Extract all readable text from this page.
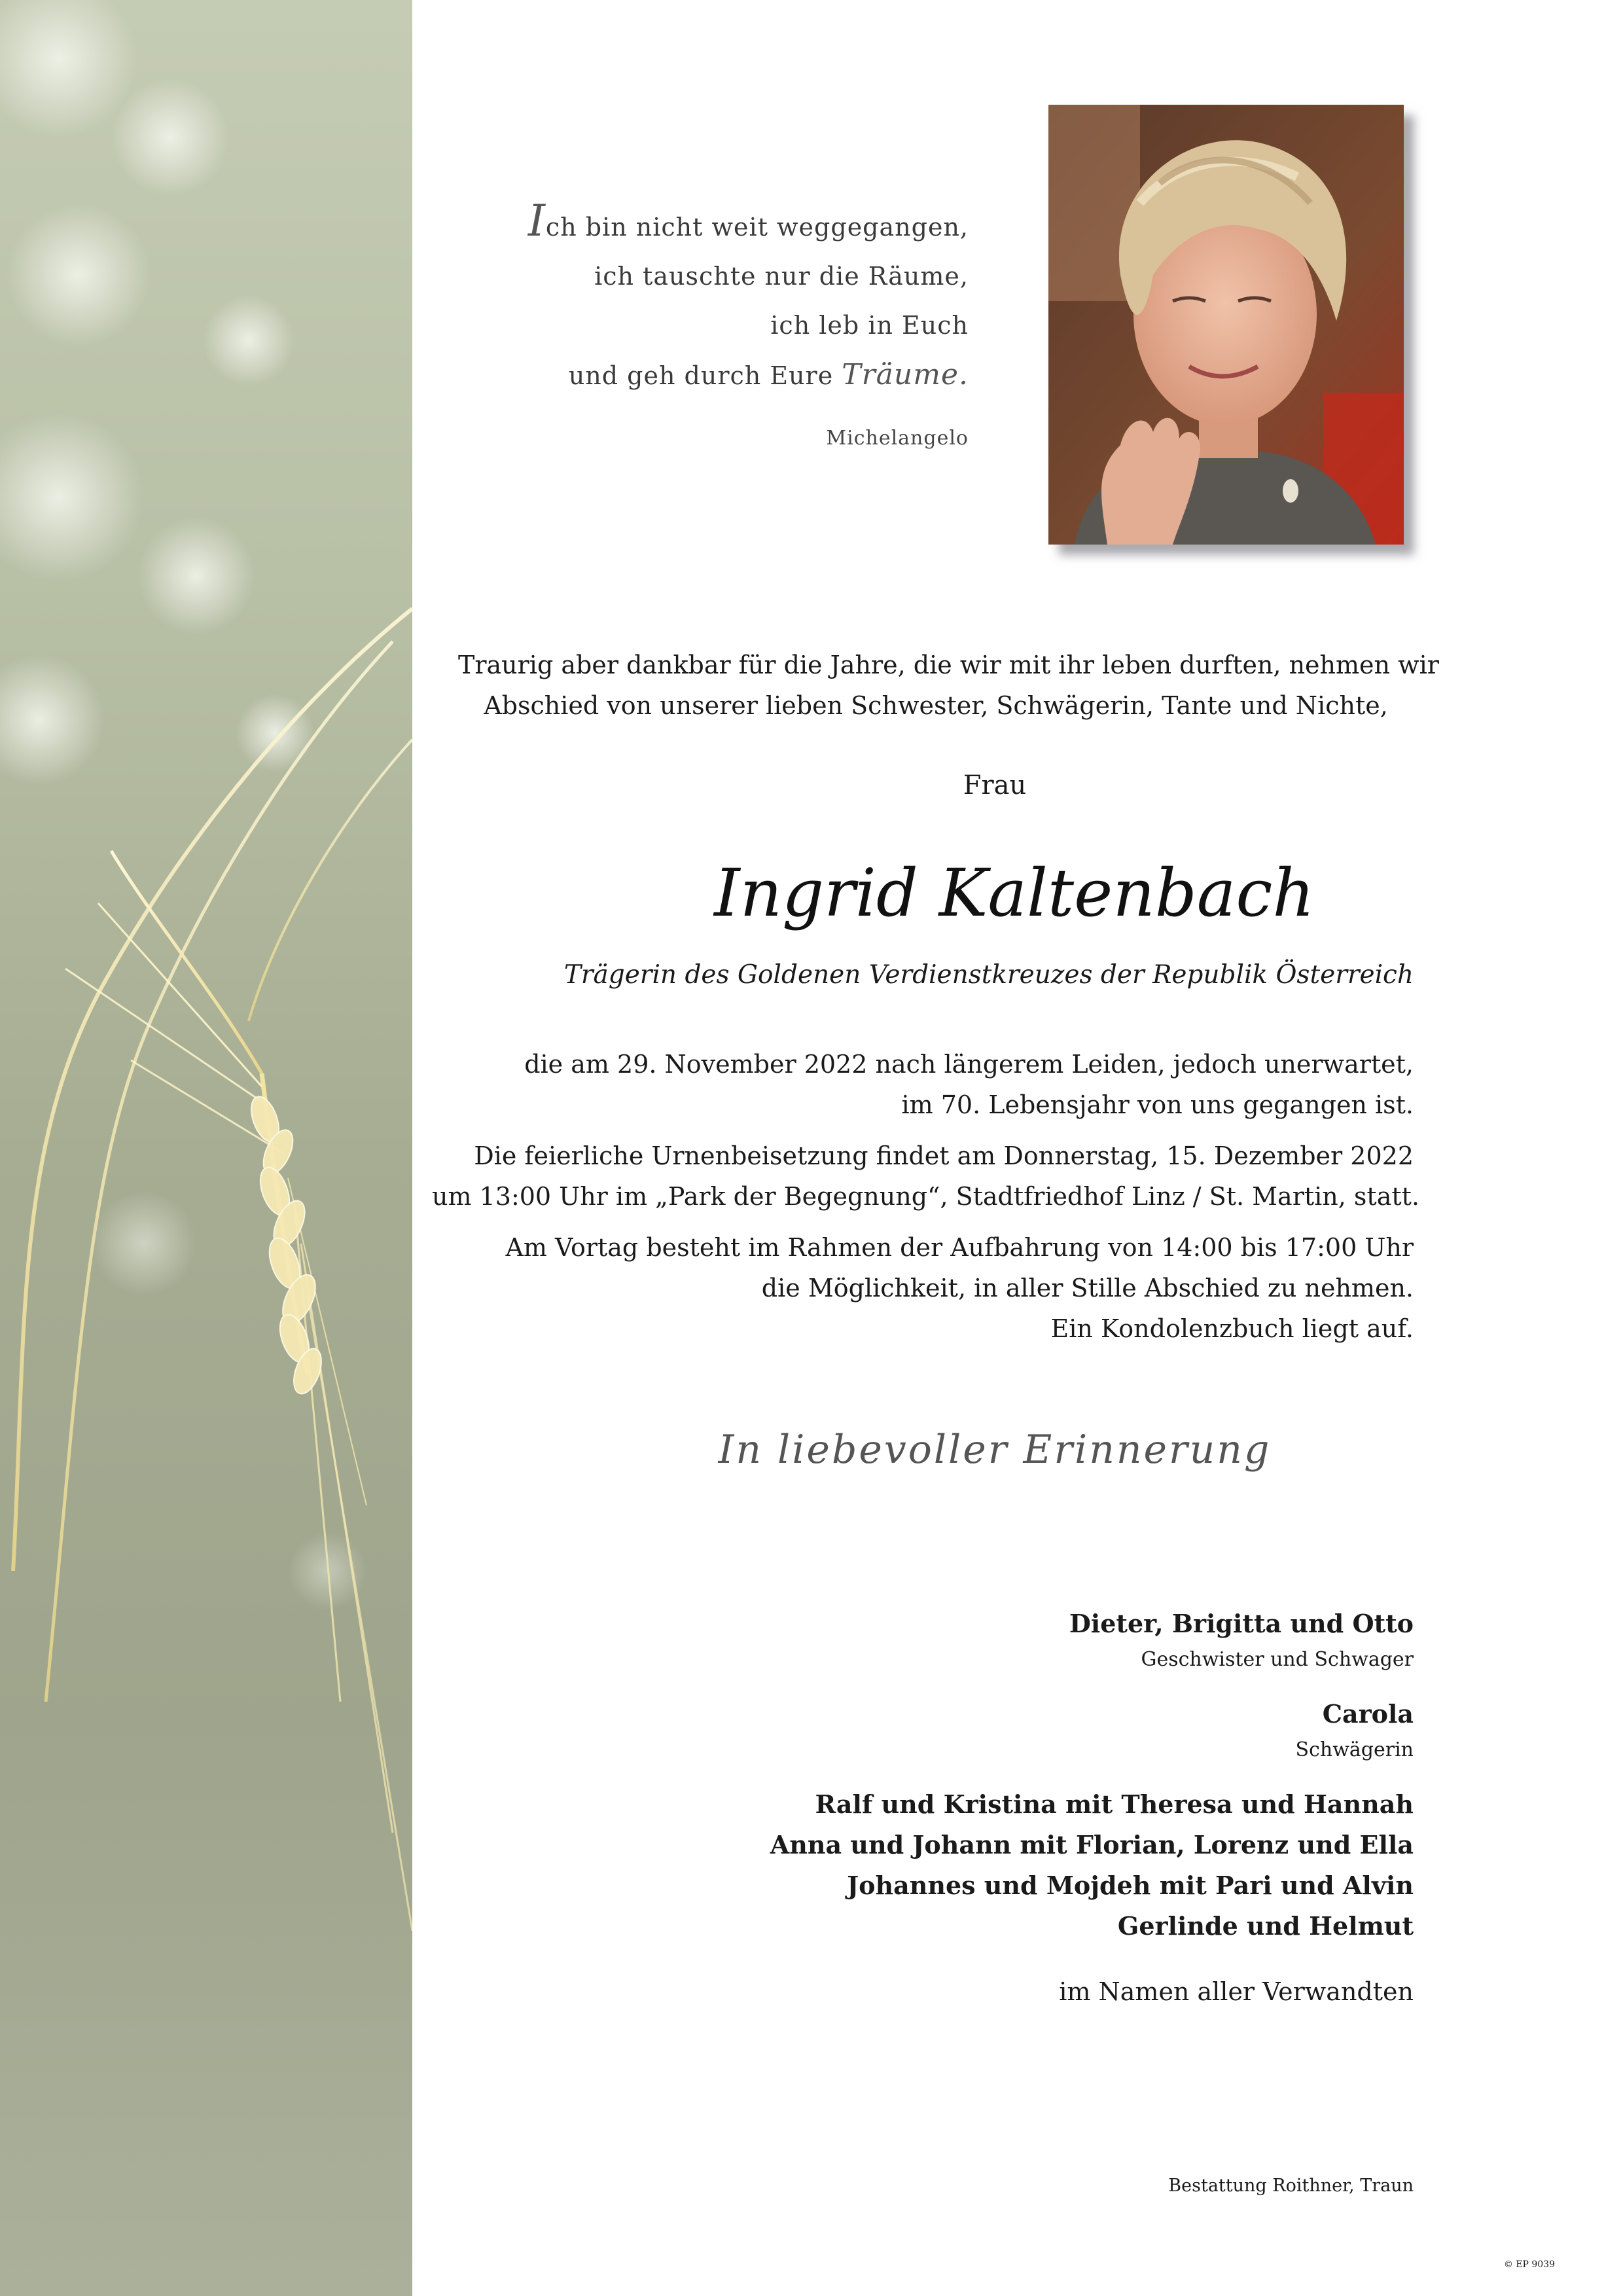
Ich bin nicht weit weggegangen,
ich tauschte nur die Räume,
ich leb in Euch
und geh durch Eure Träume.
Michelangelo
Traurig aber dankbar für die Jahre, die wir mit ihr leben durften, nehmen wir
Abschied von unserer lieben Schwester, Schwägerin, Tante und Nichte,
Frau
Ingrid Kaltenbach
Trägerin des Goldenen Verdienstkreuzes der Republik Österreich
die am 29. November 2022 nach längerem Leiden, jedoch unerwartet,
im 70. Lebensjahr von uns gegangen ist.
Die feierliche Urnenbeisetzung findet am Donnerstag, 15. Dezember 2022
um 13:00 Uhr im „Park der Begegnung“, Stadtfriedhof Linz / St. Martin, statt.
Am Vortag besteht im Rahmen der Aufbahrung von 14:00 bis 17:00 Uhr
die Möglichkeit, in aller Stille Abschied zu nehmen.
Ein Kondolenzbuch liegt auf.
In liebevoller Erinnerung
Dieter, Brigitta und Otto
Geschwister und Schwager
Carola
Schwägerin
Ralf und Kristina mit Theresa und Hannah
Anna und Johann mit Florian, Lorenz und Ella
Johannes und Mojdeh mit Pari und Alvin
Gerlinde und Helmut
im Namen aller Verwandten
Bestattung Roithner, Traun
© EP 9039
